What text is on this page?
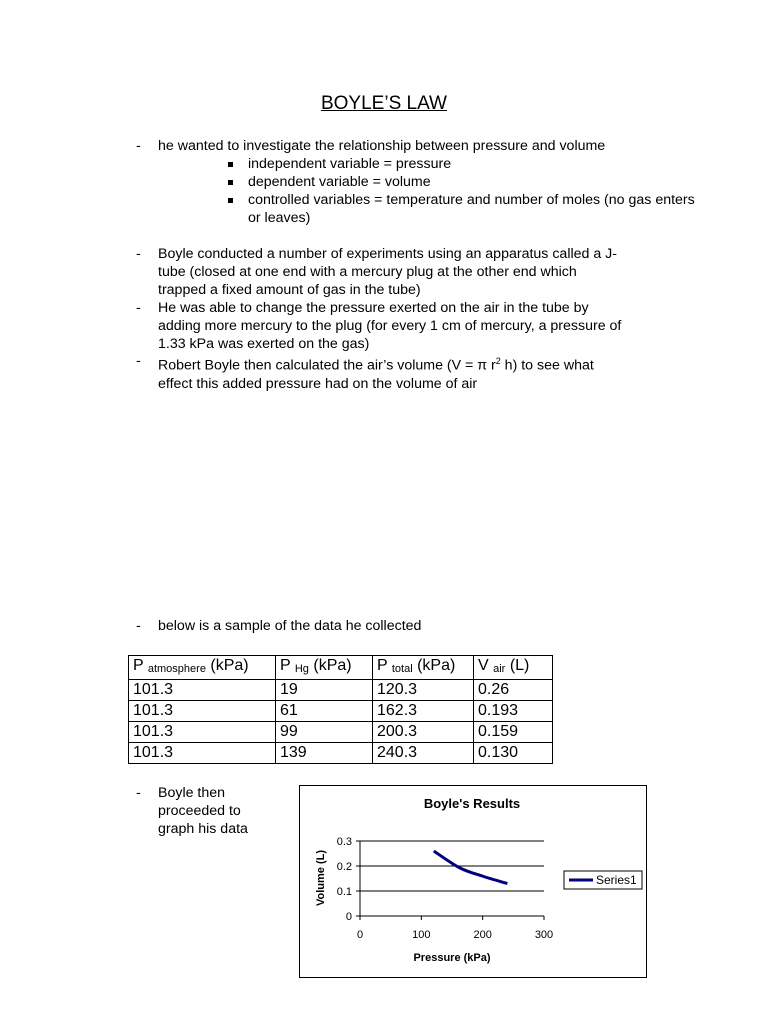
BOYLE’S LAW
- he wanted to investigate the relationship between pressure and volume
independent variable = pressure
dependent variable = volume
controlled variables = temperature and number of moles (no gas enters
or leaves)
- Boyle conducted a number of experiments using an apparatus called a J-
tube (closed at one end with a mercury plug at the other end which
trapped a fixed amount of gas in the tube)
- He was able to change the pressure exerted on the air in the tube by
adding more mercury to the plug (for every 1 cm of mercury, a pressure of
1.33 kPa was exerted on the gas)
- Robert Boyle then calculated the air’s volume (V = π $r^2$ h) to see what
effect this added pressure had on the volume of air
- below is a sample of the data he collected
P $_{atmosphere}$ (kPa)	P $_{Hg}$ (kPa)	P $_{total}$ (kPa)	V $_{air}$ (L)
101.3	19	120.3	0.26
101.3	61	162.3	0.193
101.3	99	200.3	0.159
101.3	139	240.3	0.130
- Boyle then
proceeded to
graph his data
Boyle's Results
Pressure (kPa)
Volume (L)
0
0.1
0.2
0.3
0	100	200	300
Series1
